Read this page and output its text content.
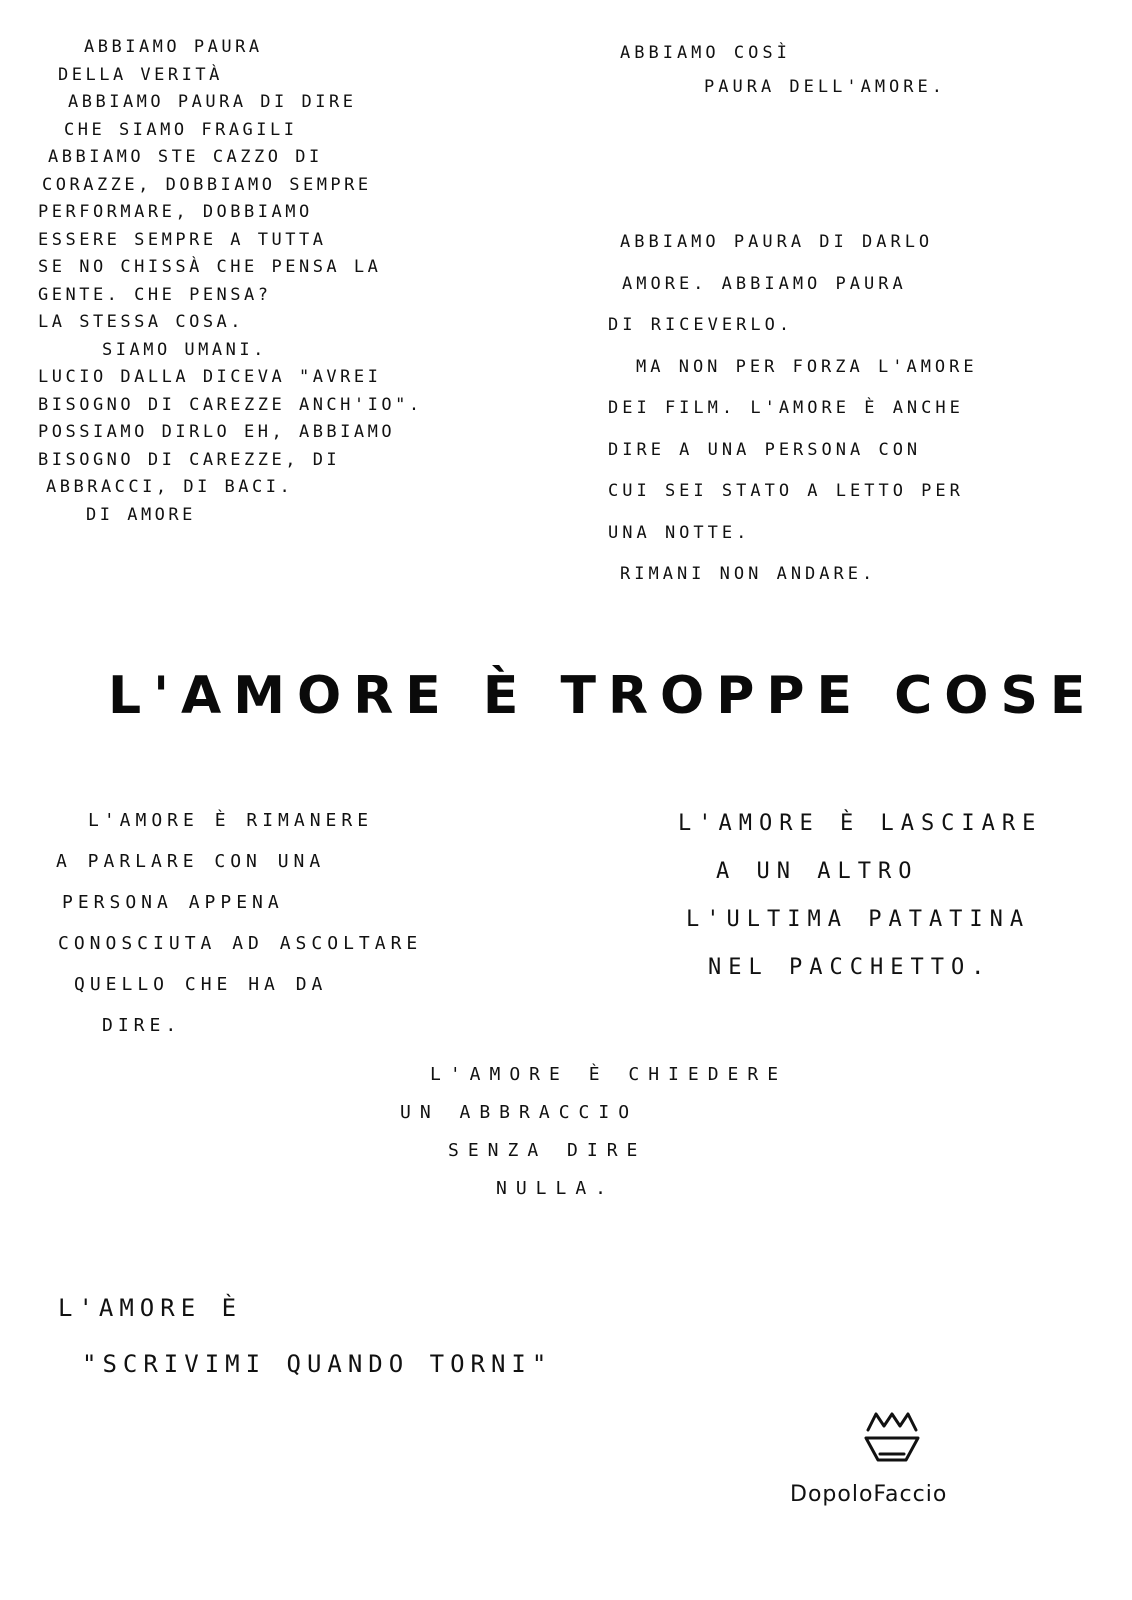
ABBIAMO PAURA
DELLA VERITÀ
ABBIAMO PAURA DI DIRE
CHE SIAMO FRAGILI
ABBIAMO STE CAZZO DI
CORAZZE, DOBBIAMO SEMPRE
PERFORMARE, DOBBIAMO
ESSERE SEMPRE A TUTTA
SE NO CHISSÀ CHE PENSA LA
GENTE. CHE PENSA?
LA STESSA COSA.
SIAMO UMANI.
LUCIO DALLA DICEVA "AVREI
BISOGNO DI CAREZZE ANCH'IO".
POSSIAMO DIRLO EH, ABBIAMO
BISOGNO DI CAREZZE, DI
ABBRACCI, DI BACI.
DI AMORE
ABBIAMO COSÌ
PAURA DELL'AMORE.
ABBIAMO PAURA DI DARLO
AMORE. ABBIAMO PAURA
DI RICEVERLO.
MA NON PER FORZA L'AMORE
DEI FILM. L'AMORE È ANCHE
DIRE A UNA PERSONA CON
CUI SEI STATO A LETTO PER
UNA NOTTE.
RIMANI NON ANDARE.
L'AMORE È TROPPE COSE
L'AMORE È RIMANERE
A PARLARE CON UNA
PERSONA APPENA
CONOSCIUTA AD ASCOLTARE
QUELLO CHE HA DA
DIRE.
L'AMORE È LASCIARE
A UN ALTRO
L'ULTIMA PATATINA
NEL PACCHETTO.
L'AMORE È CHIEDERE
UN ABBRACCIO
SENZA DIRE
NULLA.
L'AMORE È
"SCRIVIMI QUANDO TORNI"
DopoloFaccio
